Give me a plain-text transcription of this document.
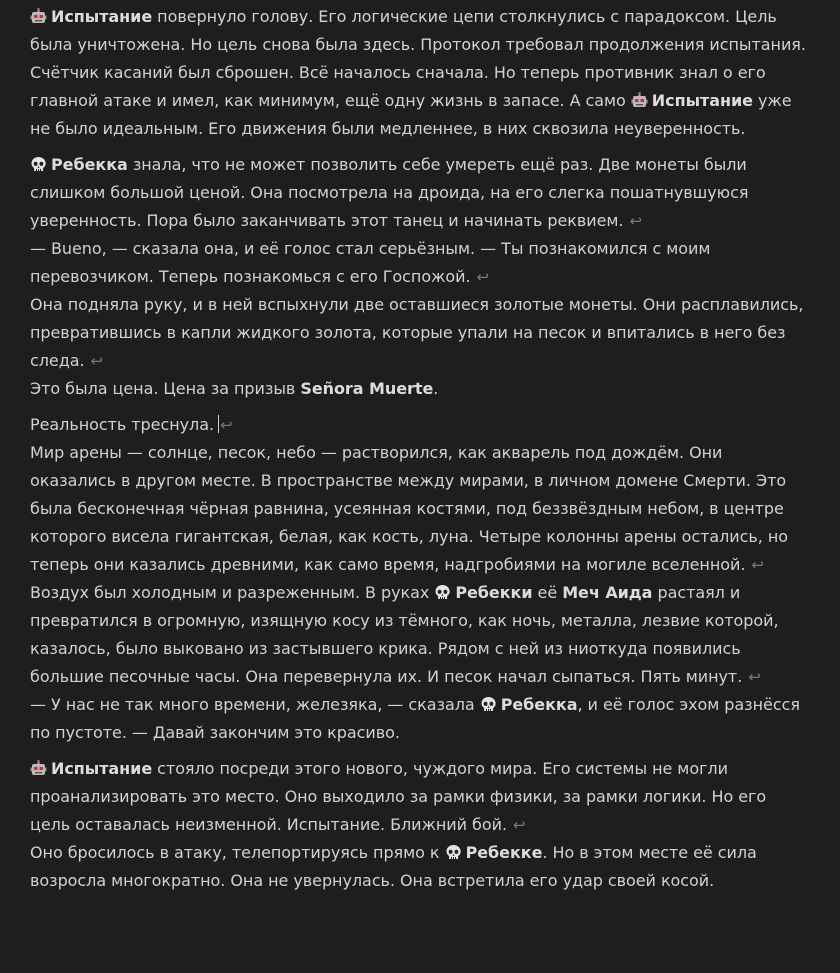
Испытание повернуло голову. Его логические цепи столкнулись с парадоксом. Цель была уничтожена. Но цель снова была здесь. Протокол требовал продолжения испытания. Счётчик касаний был сброшен. Всё началось сначала. Но теперь противник знал о его главной атаке и имел, как минимум, ещё одну жизнь в запасе. А само Испытание уже не было идеальным. Его движения были медленнее, в них сквозила неуверенность.

Ребекка знала, что не может позволить себе умереть ещё раз. Две монеты были слишком большой ценой. Она посмотрела на дроида, на его слегка пошатнувшуюся уверенность. Пора было заканчивать этот танец и начинать реквием. ↩

— Bueno, — сказала она, и её голос стал серьёзным. — Ты познакомился с моим перевозчиком. Теперь познакомься с его Госпожой. ↩

Она подняла руку, и в ней вспыхнули две оставшиеся золотые монеты. Они расплавились, превратившись в капли жидкого золота, которые упали на песок и впитались в него без следа. ↩

Это была цена. Цена за призыв Señora Muerte.

Реальность треснула. ↩

Мир арены — солнце, песок, небо — растворился, как акварель под дождём. Они оказались в другом месте. В пространстве между мирами, в личном домене Смерти. Это была бесконечная чёрная равнина, усеянная костями, под беззвёздным небом, в центре которого висела гигантская, белая, как кость, луна. Четыре колонны арены остались, но теперь они казались древними, как само время, надгробиями на могиле вселенной. ↩

Воздух был холодным и разреженным. В руках Ребекки её Меч Аида растаял и превратился в огромную, изящную косу из тёмного, как ночь, металла, лезвие которой, казалось, было выковано из застывшего крика. Рядом с ней из ниоткуда появились большие песочные часы. Она перевернула их. И песок начал сыпаться. Пять минут. ↩

— У нас не так много времени, железяка, — сказала Ребекка, и её голос эхом разнёсся по пустоте. — Давай закончим это красиво.

Испытание стояло посреди этого нового, чуждого мира. Его системы не могли проанализировать это место. Оно выходило за рамки физики, за рамки логики. Но его цель оставалась неизменной. Испытание. Ближний бой. ↩

Оно бросилось в атаку, телепортируясь прямо к Ребекке. Но в этом месте её сила возросла многократно. Она не увернулась. Она встретила его удар своей косой.
